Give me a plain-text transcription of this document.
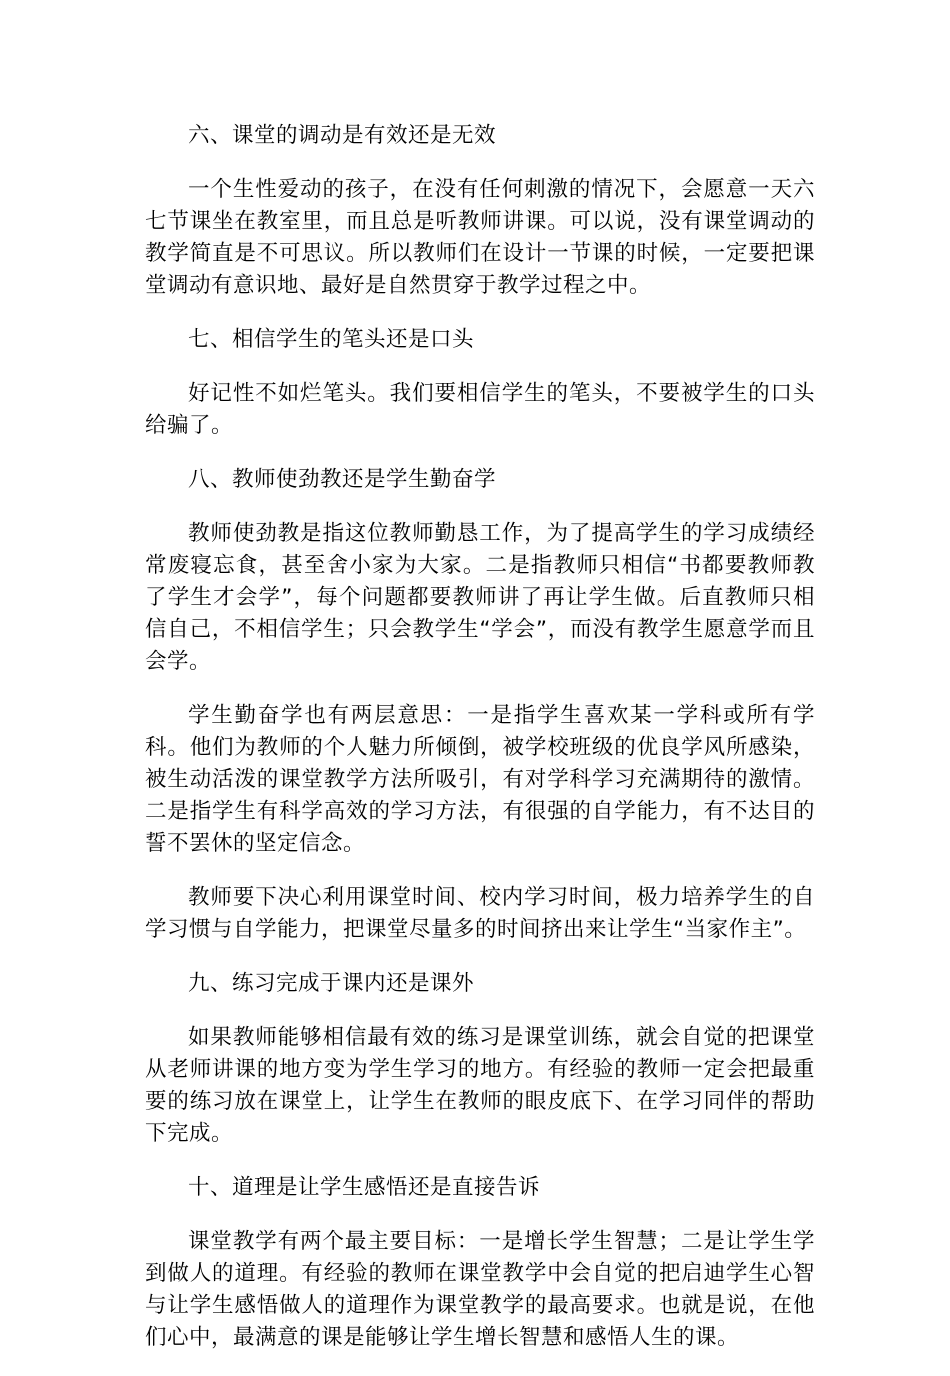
六、课堂的调动是有效还是无效

一个生性爱动的孩子，在没有任何刺激的情况下，会愿意一天六七节课坐在教室里，而且总是听教师讲课。可以说，没有课堂调动的教学简直是不可思议。所以教师们在设计一节课的时候，一定要把课堂调动有意识地、最好是自然贯穿于教学过程之中。

七、相信学生的笔头还是口头

好记性不如烂笔头。我们要相信学生的笔头，不要被学生的口头给骗了。

八、教师使劲教还是学生勤奋学

教师使劲教是指这位教师勤恳工作，为了提高学生的学习成绩经常废寝忘食，甚至舍小家为大家。二是指教师只相信“书都要教师教了学生才会学”，每个问题都要教师讲了再让学生做。后直教师只相信自己，不相信学生；只会教学生“学会”，而没有教学生愿意学而且会学。

学生勤奋学也有两层意思：一是指学生喜欢某一学科或所有学科。他们为教师的个人魅力所倾倒，被学校班级的优良学风所感染，被生动活泼的课堂教学方法所吸引，有对学科学习充满期待的激情。二是指学生有科学高效的学习方法，有很强的自学能力，有不达目的誓不罢休的坚定信念。

教师要下决心利用课堂时间、校内学习时间，极力培养学生的自学习惯与自学能力，把课堂尽量多的时间挤出来让学生“当家作主”。

九、练习完成于课内还是课外

如果教师能够相信最有效的练习是课堂训练，就会自觉的把课堂从老师讲课的地方变为学生学习的地方。有经验的教师一定会把最重要的练习放在课堂上，让学生在教师的眼皮底下、在学习同伴的帮助下完成。

十、道理是让学生感悟还是直接告诉

课堂教学有两个最主要目标：一是增长学生智慧；二是让学生学到做人的道理。有经验的教师在课堂教学中会自觉的把启迪学生心智与让学生感悟做人的道理作为课堂教学的最高要求。也就是说，在他们心中，最满意的课是能够让学生增长智慧和感悟人生的课。
